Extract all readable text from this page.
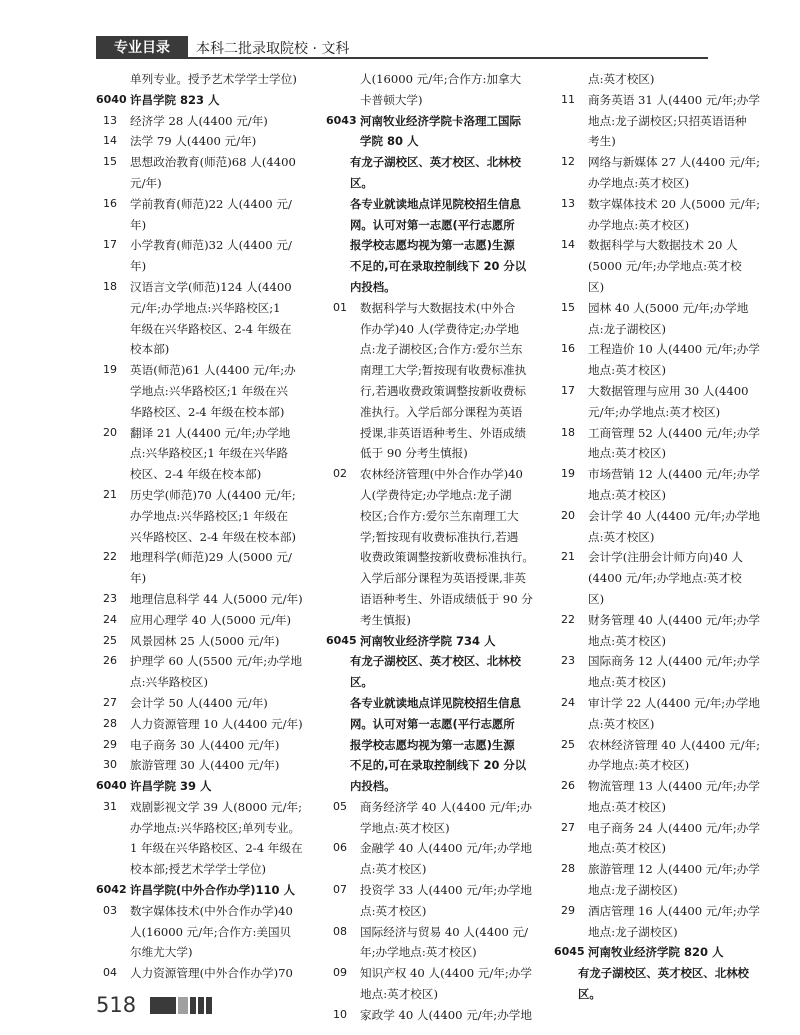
专业目录	本科二批录取院校 · 文科
单列专业。授予艺术学学士学位)
6040 许昌学院 823 人
13	经济学 28 人(4400 元/年)
14	法学 79 人(4400 元/年)
15	思想政治教育(师范)68 人(4400
元/年)
16	学前教育(师范)22 人(4400 元/
年)
17	小学教育(师范)32 人(4400 元/
年)
18	汉语言文学(师范)124 人(4400
元/年;办学地点:兴华路校区;1
年级在兴华路校区、2-4 年级在
校本部)
19	英语(师范)61 人(4400 元/年;办
学地点:兴华路校区;1 年级在兴
华路校区、2-4 年级在校本部)
20	翻译 21 人(4400 元/年;办学地
点:兴华路校区;1 年级在兴华路
校区、2-4 年级在校本部)
21	历史学(师范)70 人(4400 元/年;
办学地点:兴华路校区;1 年级在
兴华路校区、2-4 年级在校本部)
22	地理科学(师范)29 人(5000 元/
年)
23	地理信息科学 44 人(5000 元/年)
24	应用心理学 40 人(5000 元/年)
25	风景园林 25 人(5000 元/年)
26	护理学 60 人(5500 元/年;办学地
点:兴华路校区)
27	会计学 50 人(4400 元/年)
28	人力资源管理 10 人(4400 元/年)
29	电子商务 30 人(4400 元/年)
30	旅游管理 30 人(4400 元/年)
6040 许昌学院 39 人
31	戏剧影视文学 39 人(8000 元/年;
办学地点:兴华路校区;单列专业。
1 年级在兴华路校区、2-4 年级在
校本部;授艺术学学士学位)
6042 许昌学院(中外合作办学)110 人
03	数字媒体技术(中外合作办学)40
人(16000 元/年;合作方:美国贝
尔维尤大学)
04	人力资源管理(中外合作办学)70
人(16000 元/年;合作方:加拿大
卡普顿大学)
6043 河南牧业经济学院卡洛理工国际
学院 80 人
有龙子湖校区、英才校区、北林校区。
各专业就读地点详见院校招生信息
网。认可对第一志愿(平行志愿所
报学校志愿均视为第一志愿)生源
不足的,可在录取控制线下 20 分以
内投档。
01	数据科学与大数据技术(中外合
作办学)40 人(学费待定;办学地
点:龙子湖校区;合作方:爱尔兰东
南理工大学;暂按现有收费标准执
行,若遇收费政策调整按新收费标
准执行。入学后部分课程为英语
授课,非英语语种考生、外语成绩
低于 90 分考生慎报)
02	农林经济管理(中外合作办学)40
人(学费待定;办学地点:龙子湖
校区;合作方:爱尔兰东南理工大
学;暂按现有收费标准执行,若遇
收费政策调整按新收费标准执行。
入学后部分课程为英语授课,非英
语语种考生、外语成绩低于 90 分
考生慎报)
6045 河南牧业经济学院 734 人
有龙子湖校区、英才校区、北林校区。
各专业就读地点详见院校招生信息
网。认可对第一志愿(平行志愿所
报学校志愿均视为第一志愿)生源
不足的,可在录取控制线下 20 分以
内投档。
05	商务经济学 40 人(4400 元/年;办
学地点:英才校区)
06	金融学 40 人(4400 元/年;办学地
点:英才校区)
07	投资学 33 人(4400 元/年;办学地
点:英才校区)
08	国际经济与贸易 40 人(4400 元/
年;办学地点:英才校区)
09	知识产权 40 人(4400 元/年;办学
地点:英才校区)
10	家政学 40 人(4400 元/年;办学地
点:英才校区)
11	商务英语 31 人(4400 元/年;办学
地点:龙子湖校区;只招英语语种
考生)
12	网络与新媒体 27 人(4400 元/年;
办学地点:英才校区)
13	数字媒体技术 20 人(5000 元/年;
办学地点:英才校区)
14	数据科学与大数据技术 20 人
(5000 元/年;办学地点:英才校
区)
15	园林 40 人(5000 元/年;办学地
点:龙子湖校区)
16	工程造价 10 人(4400 元/年;办学
地点:英才校区)
17	大数据管理与应用 30 人(4400
元/年;办学地点:英才校区)
18	工商管理 52 人(4400 元/年;办学
地点:英才校区)
19	市场营销 12 人(4400 元/年;办学
地点:英才校区)
20	会计学 40 人(4400 元/年;办学地
点:英才校区)
21	会计学(注册会计师方向)40 人
(4400 元/年;办学地点:英才校
区)
22	财务管理 40 人(4400 元/年;办学
地点:英才校区)
23	国际商务 12 人(4400 元/年;办学
地点:英才校区)
24	审计学 22 人(4400 元/年;办学地
点:英才校区)
25	农林经济管理 40 人(4400 元/年;
办学地点:英才校区)
26	物流管理 13 人(4400 元/年;办学
地点:英才校区)
27	电子商务 24 人(4400 元/年;办学
地点:英才校区)
28	旅游管理 12 人(4400 元/年;办学
地点:龙子湖校区)
29	酒店管理 16 人(4400 元/年;办学
地点:龙子湖校区)
6045 河南牧业经济学院 820 人
有龙子湖校区、英才校区、北林校区。
518
